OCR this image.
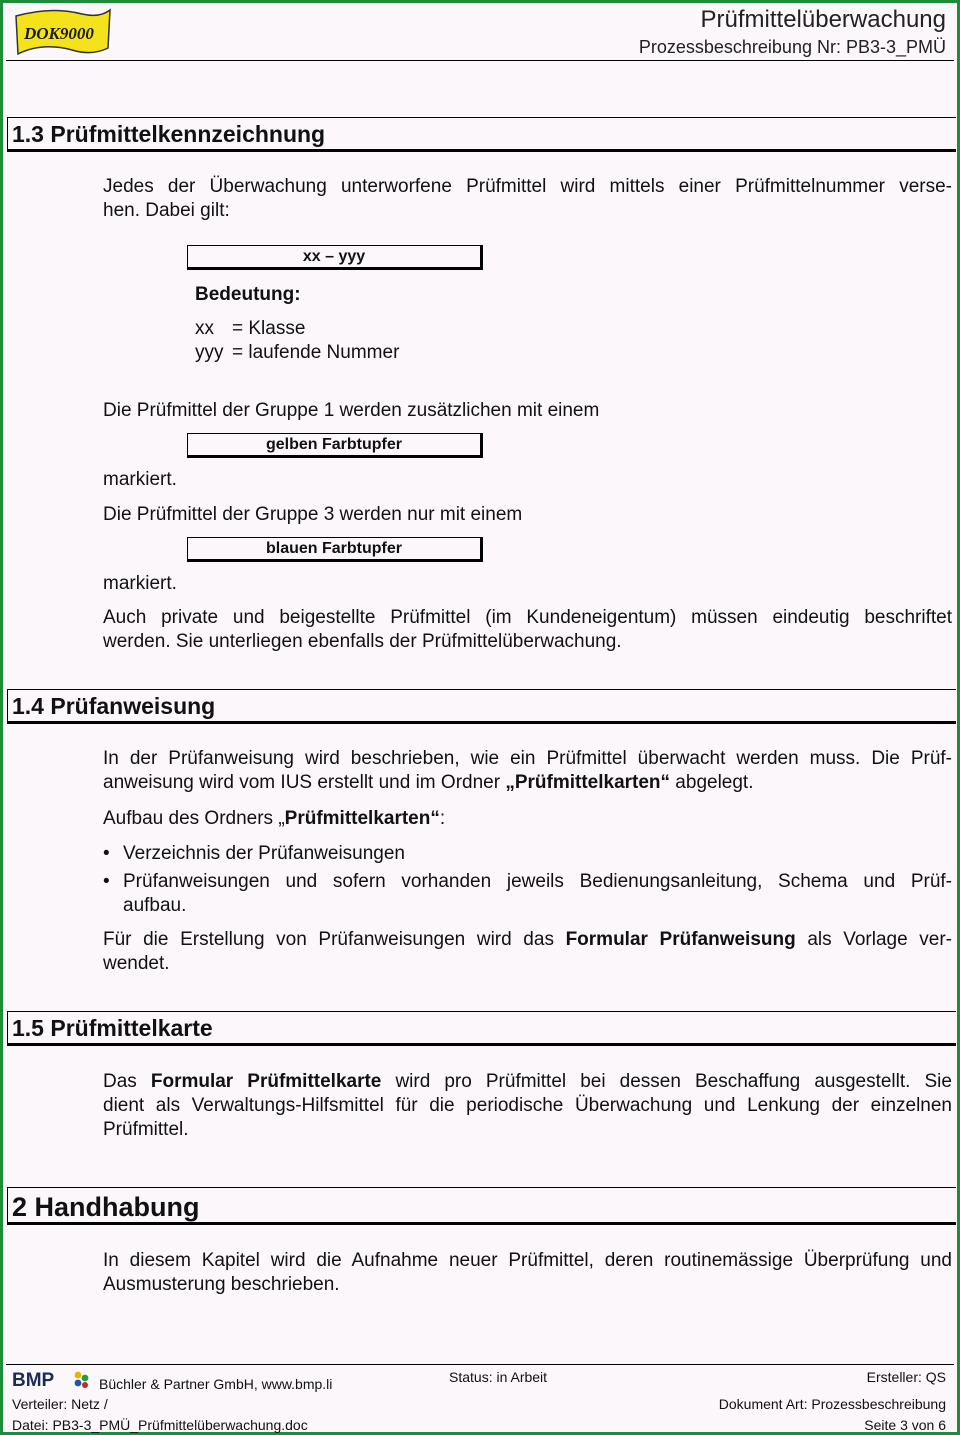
DOK9000
Prüfmittelüberwachung
Prozessbeschreibung Nr: PB3-3_PMÜ
1.3 Prüfmittelkennzeichnung
Jedes der Überwachung unterworfene Prüfmittel wird mittels einer Prüfmittelnummer verse-
hen. Dabei gilt:
xx – yyy
Bedeutung:
xx = Klasse
yyy = laufende Nummer
Die Prüfmittel der Gruppe 1 werden zusätzlichen mit einem
gelben Farbtupfer
markiert.
Die Prüfmittel der Gruppe 3 werden nur mit einem
blauen Farbtupfer
markiert.
Auch private und beigestellte Prüfmittel (im Kundeneigentum) müssen eindeutig beschriftet
werden. Sie unterliegen ebenfalls der Prüfmittelüberwachung.
1.4 Prüfanweisung
In der Prüfanweisung wird beschrieben, wie ein Prüfmittel überwacht werden muss. Die Prüf-
anweisung wird vom IUS erstellt und im Ordner „Prüfmittelkarten“ abgelegt.
Aufbau des Ordners „Prüfmittelkarten“:
• Verzeichnis der Prüfanweisungen
• Prüfanweisungen und sofern vorhanden jeweils Bedienungsanleitung, Schema und Prüf-
aufbau.
Für die Erstellung von Prüfanweisungen wird das Formular Prüfanweisung als Vorlage ver-
wendet.
1.5 Prüfmittelkarte
Das Formular Prüfmittelkarte wird pro Prüfmittel bei dessen Beschaffung ausgestellt. Sie
dient als Verwaltungs-Hilfsmittel für die periodische Überwachung und Lenkung der einzelnen
Prüfmittel.
2 Handhabung
In diesem Kapitel wird die Aufnahme neuer Prüfmittel, deren routinemässige Überprüfung und
Ausmusterung beschrieben.
BMP	Büchler & Partner GmbH, www.bmp.li	Status: in Arbeit	Ersteller: QS
Verteiler: Netz /	Dokument Art: Prozessbeschreibung
Datei: PB3-3_PMÜ_Prüfmittelüberwachung.doc	Seite 3 von 6
